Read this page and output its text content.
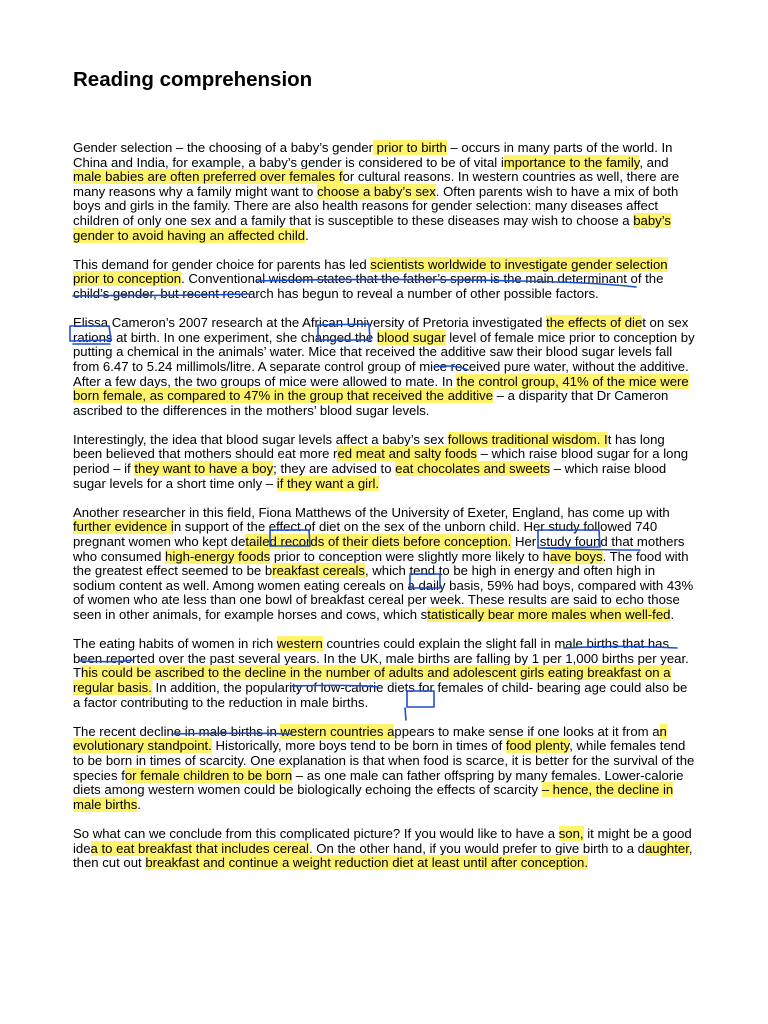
Reading comprehension

Gender selection – the choosing of a baby’s gender prior to birth – occurs in many parts of the world. In China and India, for example, a baby’s gender is considered to be of vital importance to the family, and male babies are often preferred over females for cultural reasons. In western countries as well, there are many reasons why a family might want to choose a baby’s sex. Often parents wish to have a mix of both boys and girls in the family. There are also health reasons for gender selection: many diseases affect children of only one sex and a family that is susceptible to these diseases may wish to choose a baby’s gender to avoid having an affected child.

This demand for gender choice for parents has led scientists worldwide to investigate gender selection prior to conception. Conventional wisdom states that the father’s sperm is the main determinant of the child’s gender, but recent research has begun to reveal a number of other possible factors.

Elissa Cameron’s 2007 research at the African University of Pretoria investigated the effects of diet on sex rations at birth. In one experiment, she changed the blood sugar level of female mice prior to conception by putting a chemical in the animals’ water. Mice that received the additive saw their blood sugar levels fall from 6.47 to 5.24 millimols/litre. A separate control group of mice received pure water, without the additive. After a few days, the two groups of mice were allowed to mate. In the control group, 41% of the mice were born female, as compared to 47% in the group that received the additive – a disparity that Dr Cameron ascribed to the differences in the mothers’ blood sugar levels.

Interestingly, the idea that blood sugar levels affect a baby’s sex follows traditional wisdom. It has long been believed that mothers should eat more red meat and salty foods – which raise blood sugar for a long period – if they want to have a boy; they are advised to eat chocolates and sweets – which raise blood sugar levels for a short time only – if they want a girl.

Another researcher in this field, Fiona Matthews of the University of Exeter, England, has come up with further evidence in support of the effect of diet on the sex of the unborn child. Her study followed 740 pregnant women who kept detailed records of their diets before conception. Her study found that mothers who consumed high-energy foods prior to conception were slightly more likely to have boys. The food with the greatest effect seemed to be breakfast cereals, which tend to be high in energy and often high in sodium content as well. Among women eating cereals on a daily basis, 59% had boys, compared with 43% of women who ate less than one bowl of breakfast cereal per week. These results are said to echo those seen in other animals, for example horses and cows, which statistically bear more males when well-fed.

The eating habits of women in rich western countries could explain the slight fall in male births that has been reported over the past several years. In the UK, male births are falling by 1 per 1,000 births per year. This could be ascribed to the decline in the number of adults and adolescent girls eating breakfast on a regular basis. In addition, the popularity of low-calorie diets for females of child- bearing age could also be a factor contributing to the reduction in male births.

The recent decline in male births in western countries appears to make sense if one looks at it from an evolutionary standpoint. Historically, more boys tend to be born in times of food plenty, while females tend to be born in times of scarcity. One explanation is that when food is scarce, it is better for the survival of the species for female children to be born – as one male can father offspring by many females. Lower-calorie diets among western women could be biologically echoing the effects of scarcity – hence, the decline in male births.

So what can we conclude from this complicated picture? If you would like to have a son, it might be a good idea to eat breakfast that includes cereal. On the other hand, if you would prefer to give birth to a daughter, then cut out breakfast and continue a weight reduction diet at least until after conception.
